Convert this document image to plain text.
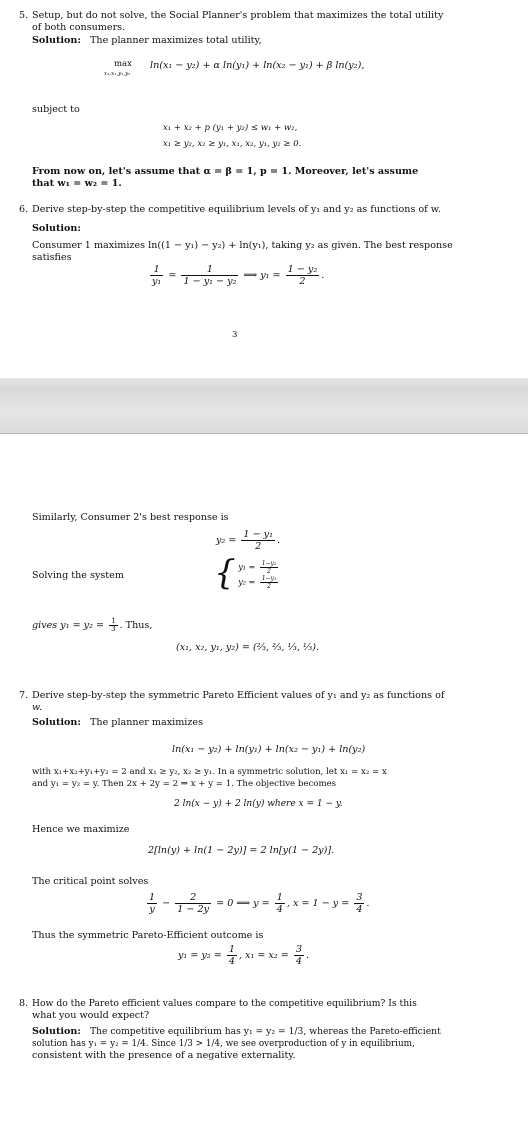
5. Setup, but do not solve, the Social Planner's problem that maximizes the total utility
of both consumers.
Solution: The planner maximizes total utility,
max
x₁,x₂,y₁,y₂
ln(x₁ − y₂) + α ln(y₁) + ln(x₂ − y₁) + β ln(y₂),
subject to
x₁ + x₂ + p (y₁ + y₂) ≤ w₁ + w₂,
x₁ ≥ y₂, x₂ ≥ y₁, x₁, x₂, y₁, y₂ ≥ 0.
From now on, let's assume that α = β = 1, p = 1. Moreover, let's assume
that w₁ = w₂ = 1.
6. Derive step-by-step the competitive equilibrium levels of y₁ and y₂ as functions of w.
Solution:
Consumer 1 maximizes ln((1 − y₁) − y₂) + ln(y₁), taking y₂ as given. The best response
satisfies
$\frac{1}{\text{y₁}} = \frac{1}{\text{1 − y₁ − y₂}}$ ⟹ $y_1 = \frac{\text{1 − y₂}}{2}$ .
3
Similarly, Consumer 2's best response is
$y_2 = \frac{\text{1 − y₁}}{2}$ .
Solving the system	{ $y_1 = \frac{\text{1−y₂}}{2}$
$y_2 = \frac{\text{1−y₁}}{2}$
gives $y_1 = y_2 = \frac{1}{3}$ . Thus,
(x₁, x₂, y₁, y₂) = (⅔, ⅔, ⅓, ⅓).
7. Derive step-by-step the symmetric Pareto Efficient values of y₁ and y₂ as functions of
w.
Solution: The planner maximizes
ln(x₁ − y₂) + ln(y₁) + ln(x₂ − y₁) + ln(y₂)
with x₁+x₂+y₁+y₂ = 2 and x₁ ≥ y₂, x₂ ≥ y₁. In a symmetric solution, let x₁ = x₂ = x
and y₁ = y₂ = y. Then 2x + 2y = 2 ⇒ x + y = 1. The objective becomes
2 ln(x − y) + 2 ln(y) where x = 1 − y.
Hence we maximize
2[ln(y) + ln(1 − 2y)] = 2 ln[y(1 − 2y)].
The critical point solves
$\frac{1}{y} - \frac{2}{1 - 2y} = 0$ ⟹ $y = \frac{1}{4}$ , $x = 1 - y = \frac{3}{4}$ .
Thus the symmetric Pareto-Efficient outcome is
$y_1 = y_2 = \frac{1}{4}$ , $x_1 = x_2 = \frac{3}{4}$ .
8. How do the Pareto efficient values compare to the competitive equilibrium? Is this
what you would expect?
Solution: The competitive equilibrium has y₁ = y₂ = 1/3, whereas the Pareto-efficient
solution has y₁ = y₂ = 1/4. Since 1/3 > 1/4, we see overproduction of y in equilibrium,
consistent with the presence of a negative externality.
